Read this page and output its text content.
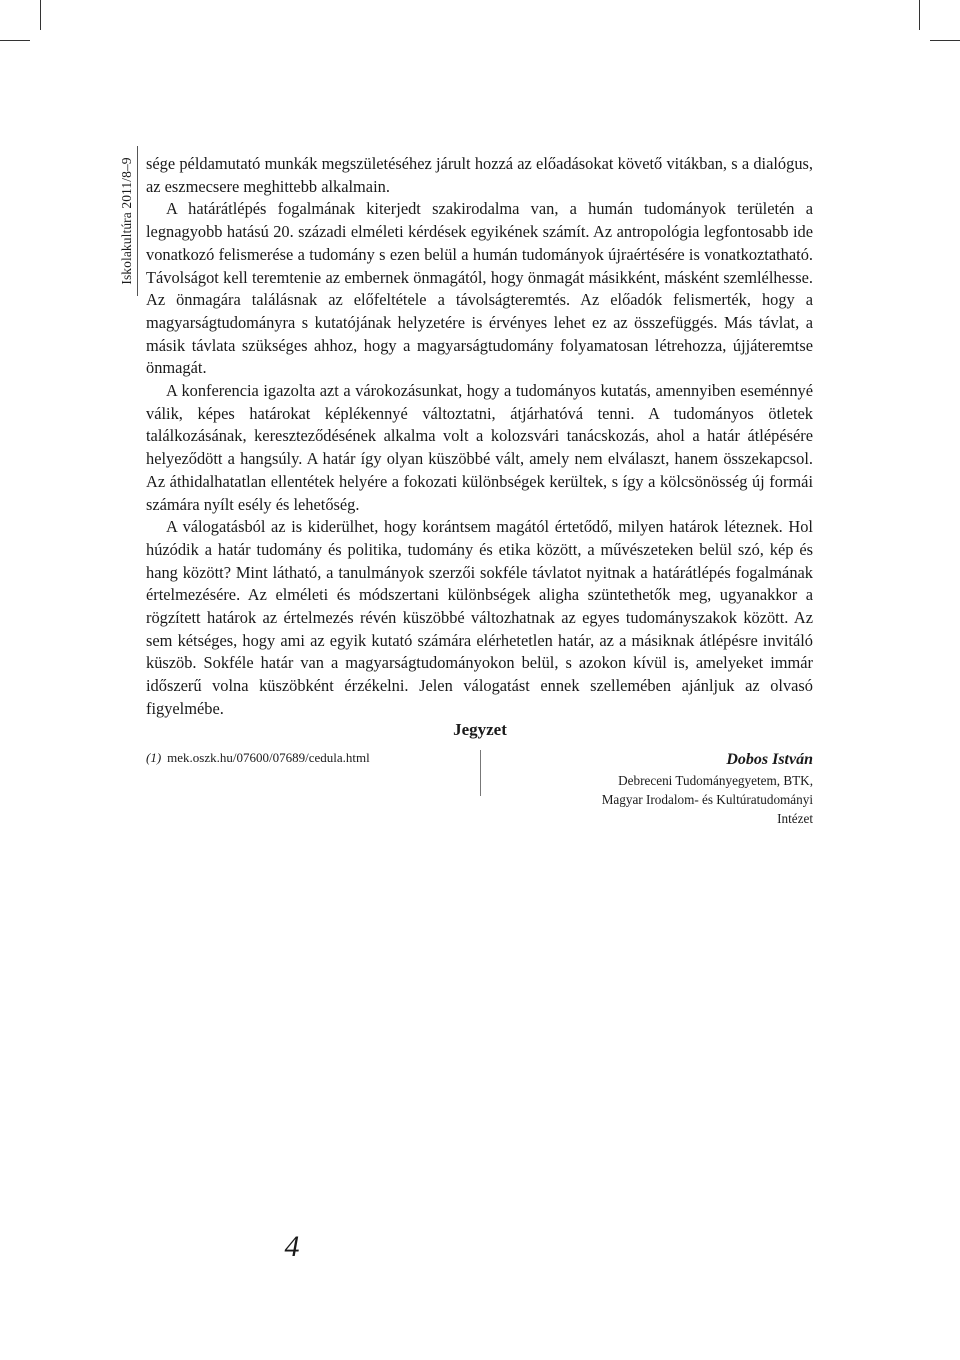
Iskolakultúra 2011/8–9 sége példamutató munkák megszületéséhez járult hozzá az előadásokat követő vitákban, s a dialógus, az eszmecsere meghittebb alkalmain.

A határátlépés fogalmának kiterjedt szakirodalma van, a humán tudományok területén a legnagyobb hatású 20. századi elméleti kérdések egyikének számít. Az antropológia legfontosabb ide vonatkozó felismerése a tudomány s ezen belül a humán tudományok újraértésére is vonatkoztatható. Távolságot kell teremtenie az embernek önmagától, hogy önmagát másikként, másként szemlélhesse. Az önmagára találásnak az előfeltétele a távolságteremtés. Az előadók felismerték, hogy a magyarságtudományra s kutatójának helyzetére is érvényes lehet ez az összefüggés. Más távlat, a másik távlata szükséges ahhoz, hogy a magyarságtudomány folyamatosan létrehozza, újjáteremtse önmagát.

A konferencia igazolta azt a várokozásunkat, hogy a tudományos kutatás, amennyiben eseménnyé válik, képes határokat képlékennyé változtatni, átjárhatóvá tenni. A tudományos ötletek találkozásának, kereszteződésének alkalma volt a kolozsvári tanácskozás, ahol a határ átlépésére helyeződött a hangsúly. A határ így olyan küszöbbé vált, amely nem elválaszt, hanem összekapcsol. Az áthidalhatatlan ellentétek helyére a fokozati különbségek kerültek, s így a kölcsönösség új formái számára nyílt esély és lehetőség.

A válogatásból az is kiderülhet, hogy korántsem magától értetődő, milyen határok léteznek. Hol húzódik a határ tudomány és politika, tudomány és etika között, a művészeteken belül szó, kép és hang között? Mint látható, a tanulmányok szerzői sokféle távlatot nyitnak a határátlépés fogalmának értelmezésére. Az elméleti és módszertani különbségek aligha szüntethetők meg, ugyanakkor a rögzített határok az értelmezés révén küszöbbé változhatnak az egyes tudományszakok között. Az sem kétséges, hogy ami az egyik kutató számára elérhetetlen határ, az a másiknak átlépésre invitáló küszöb. Sokféle határ van a magyarságtudományokon belül, s azokon kívül is, amelyeket immár időszerű volna küszöbként érzékelni. Jelen válogatást ennek szellemében ajánljuk az olvasó figyelmébe.

Jegyzet
(1) mek.oszk.hu/07600/07689/cedula.html	Dobos István
Debreceni Tudományegyetem, BTK,
Magyar Irodalom- és Kultúratudományi
Intézet
4
